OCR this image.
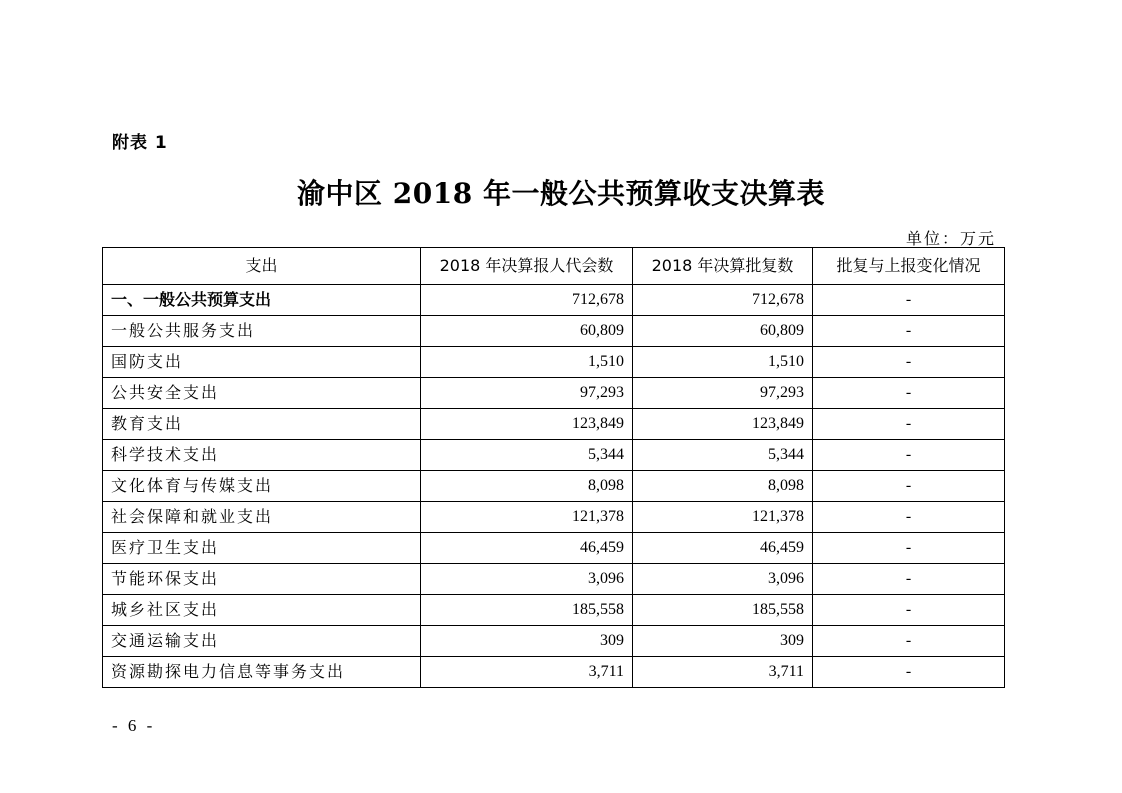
附表 1
渝中区 2018 年一般公共预算收支决算表
单位：万元
支出	2018 年决算报人代会数	2018 年决算批复数	批复与上报变化情况
一、一般公共预算支出	712,678	712,678	-
一般公共服务支出	60,809	60,809	-
国防支出	1,510	1,510	-
公共安全支出	97,293	97,293	-
教育支出	123,849	123,849	-
科学技术支出	5,344	5,344	-
文化体育与传媒支出	8,098	8,098	-
社会保障和就业支出	121,378	121,378	-
医疗卫生支出	46,459	46,459	-
节能环保支出	3,096	3,096	-
城乡社区支出	185,558	185,558	-
交通运输支出	309	309	-
资源勘探电力信息等事务支出	3,711	3,711	-
- 6 -
